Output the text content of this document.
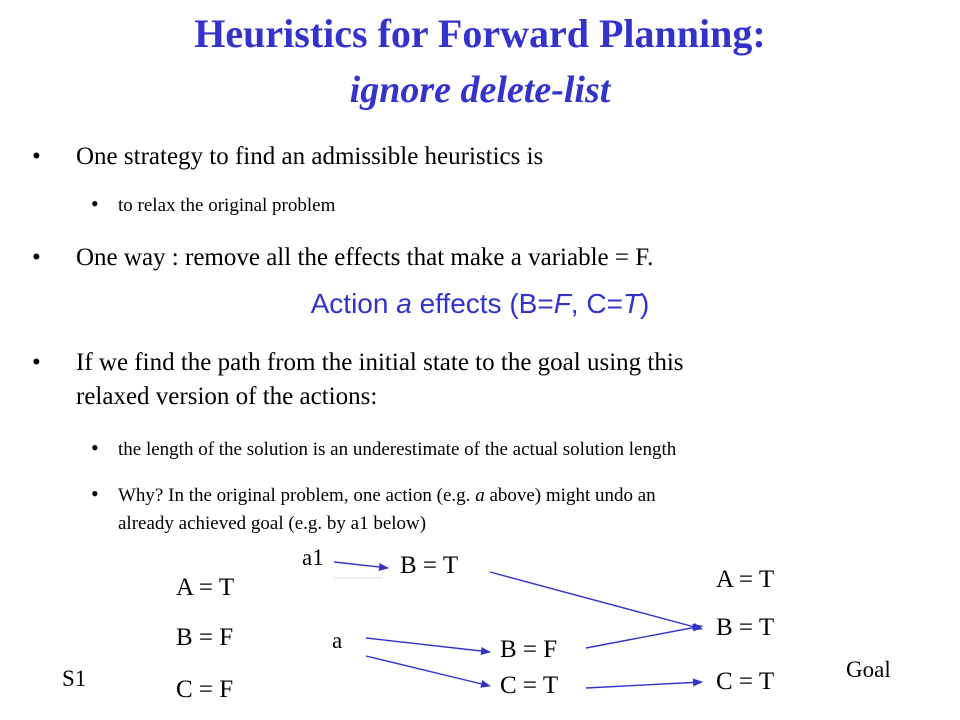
Heuristics for Forward Planning:
ignore delete-list
• One strategy to find an admissible heuristics is
• to relax the original problem
• One way : remove all the effects that make a variable = F.
Action a effects (B=F, C=T)
• If we find the path from the initial state to the goal using this
relaxed version of the actions:
• the length of the solution is an underestimate of the actual solution length
• Why? In the original problem, one action (e.g. a above) might undo an
already achieved goal (e.g. by a1 below)
A = T
B = F
C = F
S1
a1
a
B = T
B = F
C = T
A = T
B = T
C = T	Goal
